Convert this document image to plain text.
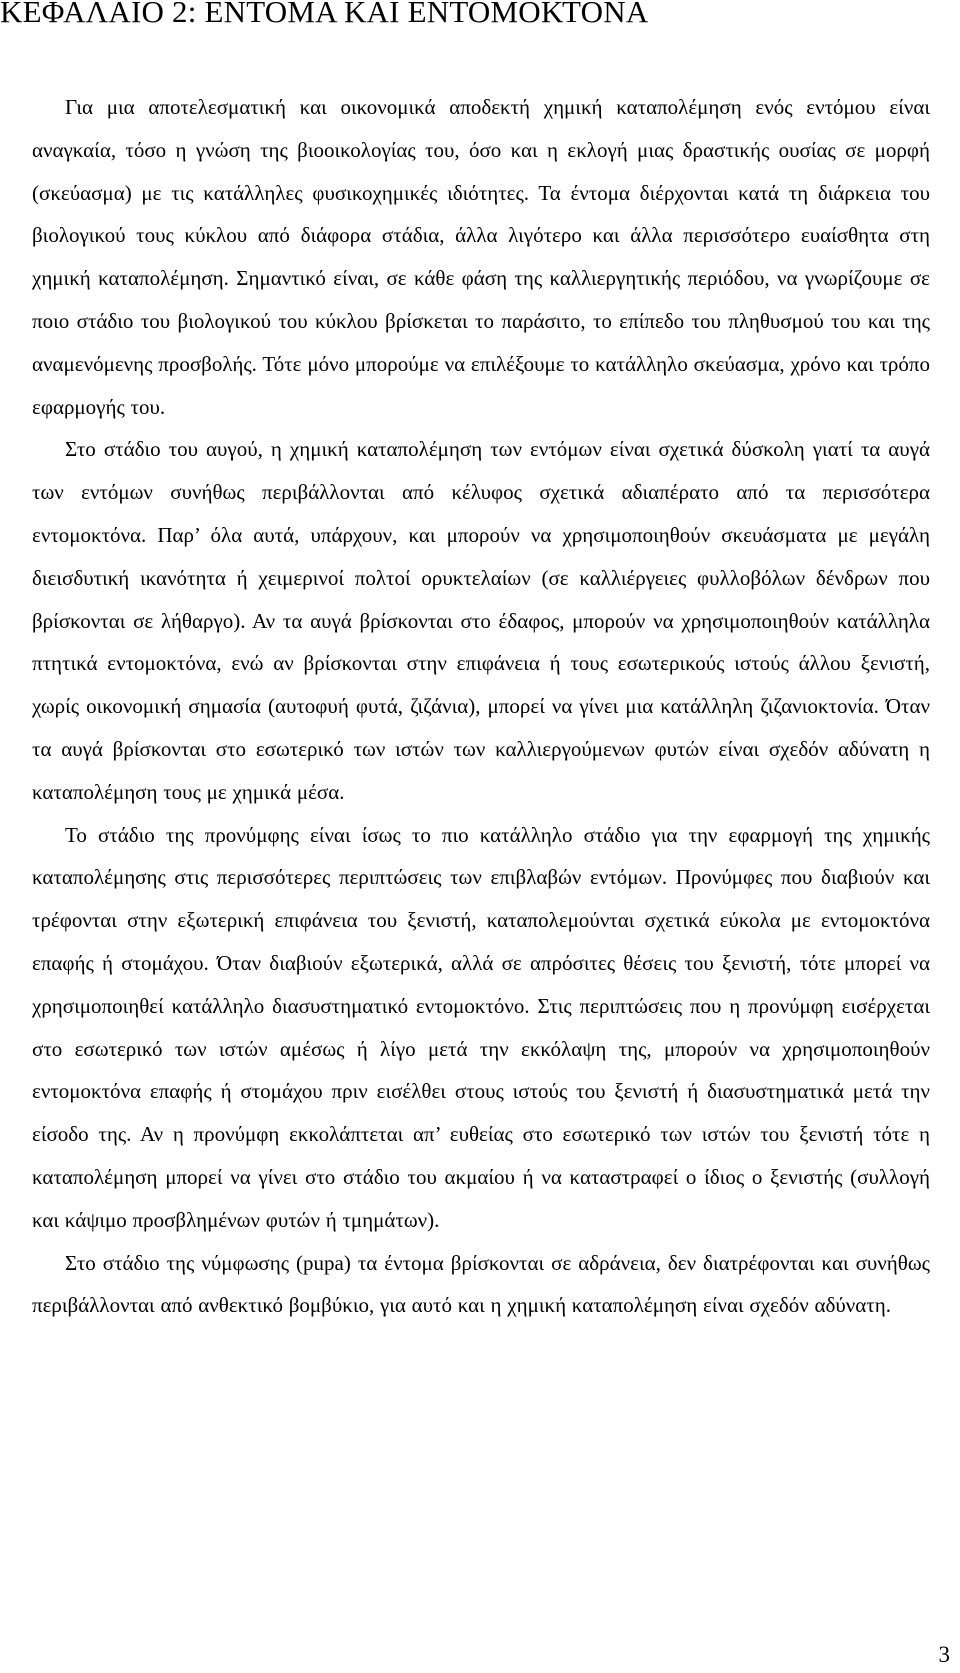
ΚΕΦΑΛΑΙΟ 2: ΕΝΤΟΜΑ ΚΑΙ ΕΝΤΟΜΟΚΤΟΝΑ

Για μια αποτελεσματική και οικονομικά αποδεκτή χημική καταπολέμηση ενός εντόμου είναι αναγκαία, τόσο η γνώση της βιοοικολογίας του, όσο και η εκλογή μιας δραστικής ουσίας σε μορφή (σκεύασμα) με τις κατάλληλες φυσικοχημικές ιδιότητες. Τα έντομα διέρχονται κατά τη διάρκεια του βιολογικού τους κύκλου από διάφορα στάδια, άλλα λιγότερο και άλλα περισσότερο ευαίσθητα στη χημική καταπολέμηση. Σημαντικό είναι, σε κάθε φάση της καλλιεργητικής περιόδου, να γνωρίζουμε σε ποιο στάδιο του βιολογικού του κύκλου βρίσκεται το παράσιτο, το επίπεδο του πληθυσμού του και της αναμενόμενης προσβολής. Τότε μόνο μπορούμε να επιλέξουμε το κατάλληλο σκεύασμα, χρόνο και τρόπο εφαρμογής του.

Στο στάδιο του αυγού, η χημική καταπολέμηση των εντόμων είναι σχετικά δύσκολη γιατί τα αυγά των εντόμων συνήθως περιβάλλονται από κέλυφος σχετικά αδιαπέρατο από τα περισσότερα εντομοκτόνα. Παρ’ όλα αυτά, υπάρχουν, και μπορούν να χρησιμοποιηθούν σκευάσματα με μεγάλη διεισδυτική ικανότητα ή χειμερινοί πολτοί ορυκτελαίων (σε καλλιέργειες φυλλοβόλων δένδρων που βρίσκονται σε λήθαργο). Αν τα αυγά βρίσκονται στο έδαφος, μπορούν να χρησιμοποιηθούν κατάλληλα πτητικά εντομοκτόνα, ενώ αν βρίσκονται στην επιφάνεια ή τους εσωτερικούς ιστούς άλλου ξενιστή, χωρίς οικονομική σημασία (αυτοφυή φυτά, ζιζάνια), μπορεί να γίνει μια κατάλληλη ζιζανιοκτονία. Όταν τα αυγά βρίσκονται στο εσωτερικό των ιστών των καλλιεργούμενων φυτών είναι σχεδόν αδύνατη η καταπολέμηση τους με χημικά μέσα.

Το στάδιο της προνύμφης είναι ίσως το πιο κατάλληλο στάδιο για την εφαρμογή της χημικής καταπολέμησης στις περισσότερες περιπτώσεις των επιβλαβών εντόμων. Προνύμφες που διαβιούν και τρέφονται στην εξωτερική επιφάνεια του ξενιστή, καταπολεμούνται σχετικά εύκολα με εντομοκτόνα επαφής ή στομάχου. Όταν διαβιούν εξωτερικά, αλλά σε απρόσιτες θέσεις του ξενιστή, τότε μπορεί να χρησιμοποιηθεί κατάλληλο διασυστηματικό εντομοκτόνο. Στις περιπτώσεις που η προνύμφη εισέρχεται στο εσωτερικό των ιστών αμέσως ή λίγο μετά την εκκόλαψη της, μπορούν να χρησιμοποιηθούν εντομοκτόνα επαφής ή στομάχου πριν εισέλθει στους ιστούς του ξενιστή ή διασυστηματικά μετά την είσοδο της. Αν η προνύμφη εκκολάπτεται απ’ ευθείας στο εσωτερικό των ιστών του ξενιστή τότε η καταπολέμηση μπορεί να γίνει στο στάδιο του ακμαίου ή να καταστραφεί ο ίδιος ο ξενιστής (συλλογή και κάψιμο προσβλημένων φυτών ή τμημάτων).

Στο στάδιο της νύμφωσης (pupa) τα έντομα βρίσκονται σε αδράνεια, δεν διατρέφονται και συνήθως περιβάλλονται από ανθεκτικό βομβύκιο, για αυτό και η χημική καταπολέμηση είναι σχεδόν αδύνατη.

3
